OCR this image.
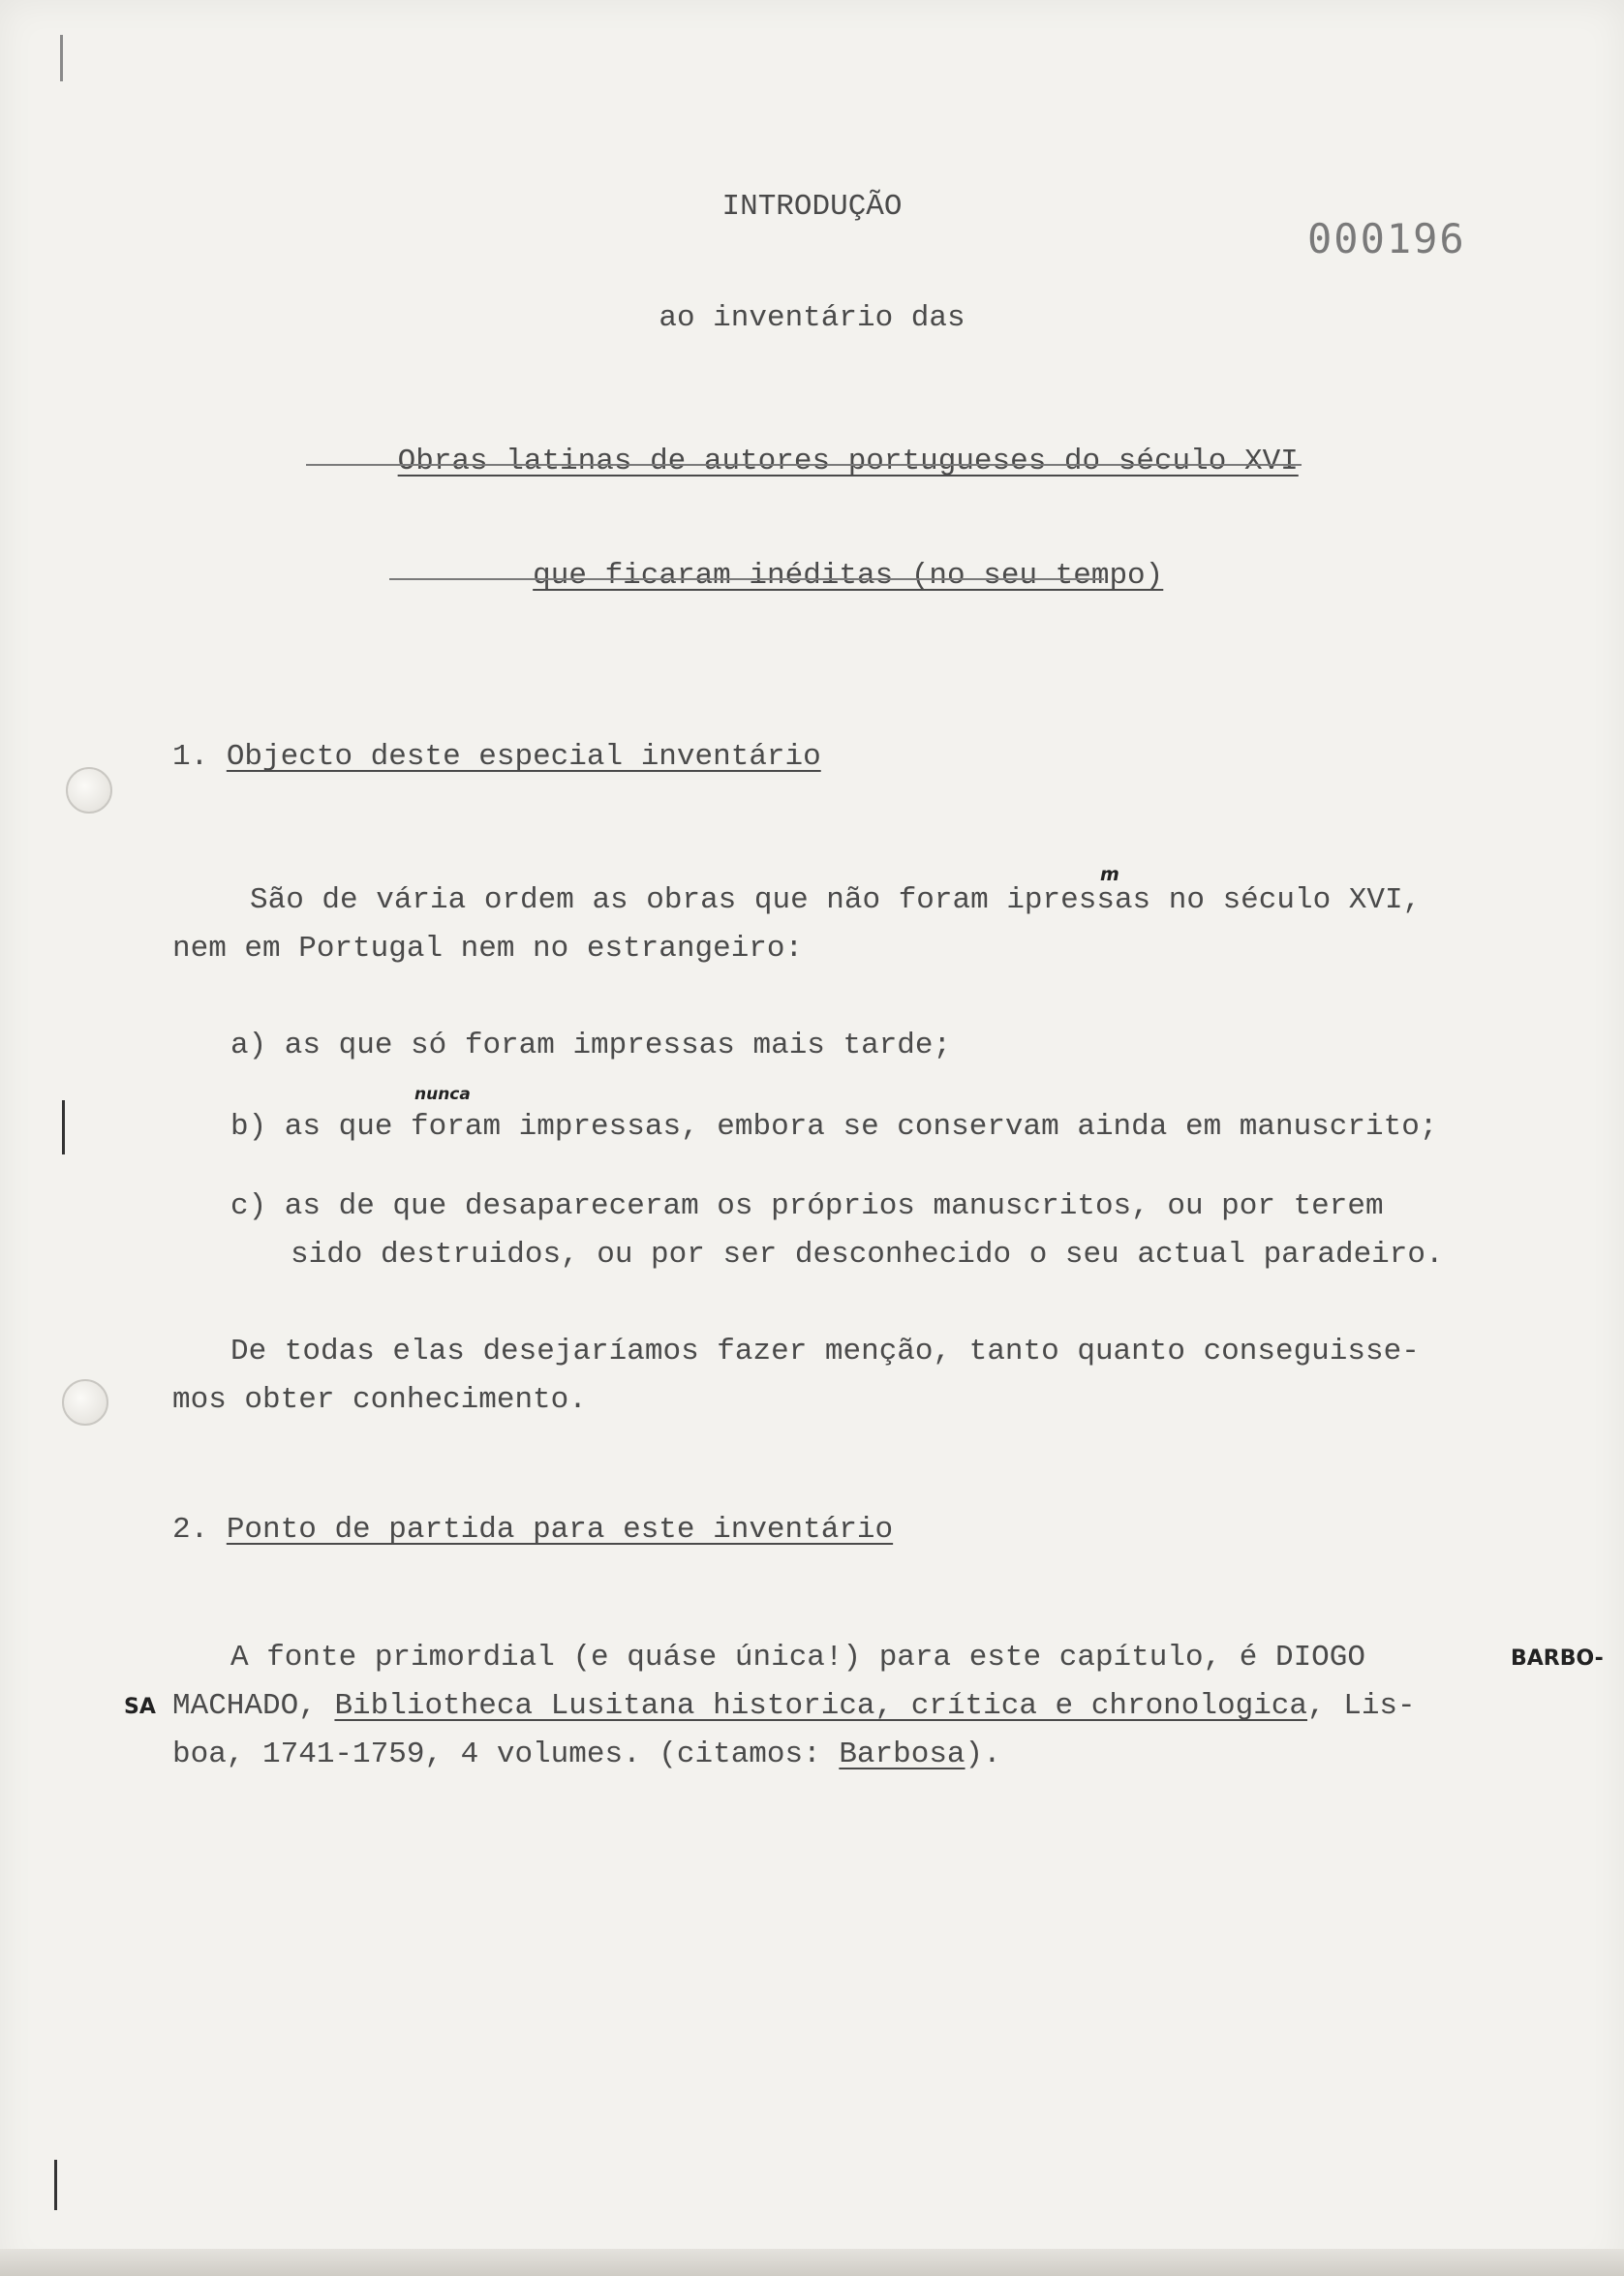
INTRODUÇÃO
000196
ao inventário das

Obras latinas de autores portugueses do século XVI

que ficaram inéditas (no seu tempo)

1. Objecto deste especial inventário
São de vária ordem as obras que não foram ipressas no século XVI,
nem em Portugal nem no estrangeiro:
a) as que só foram impressas mais tarde;
b) as que foram impressas, embora se conservam ainda em manuscrito;
c) as de que desapareceram os próprios manuscritos, ou por terem
sido destruidos, ou por ser desconhecido o seu actual paradeiro.
De todas elas desejaríamos fazer menção, tanto quanto conseguisse-
mos obter conhecimento.
2. Ponto de partida para este inventário
A fonte primordial (e quáse única!) para este capítulo, é DIOGO
MACHADO, Bibliotheca Lusitana historica, crítica e chronologica, Lis-
boa, 1741-1759, 4 volumes. (citamos: Barbosa).
nunca
m
BARBO-
SA
